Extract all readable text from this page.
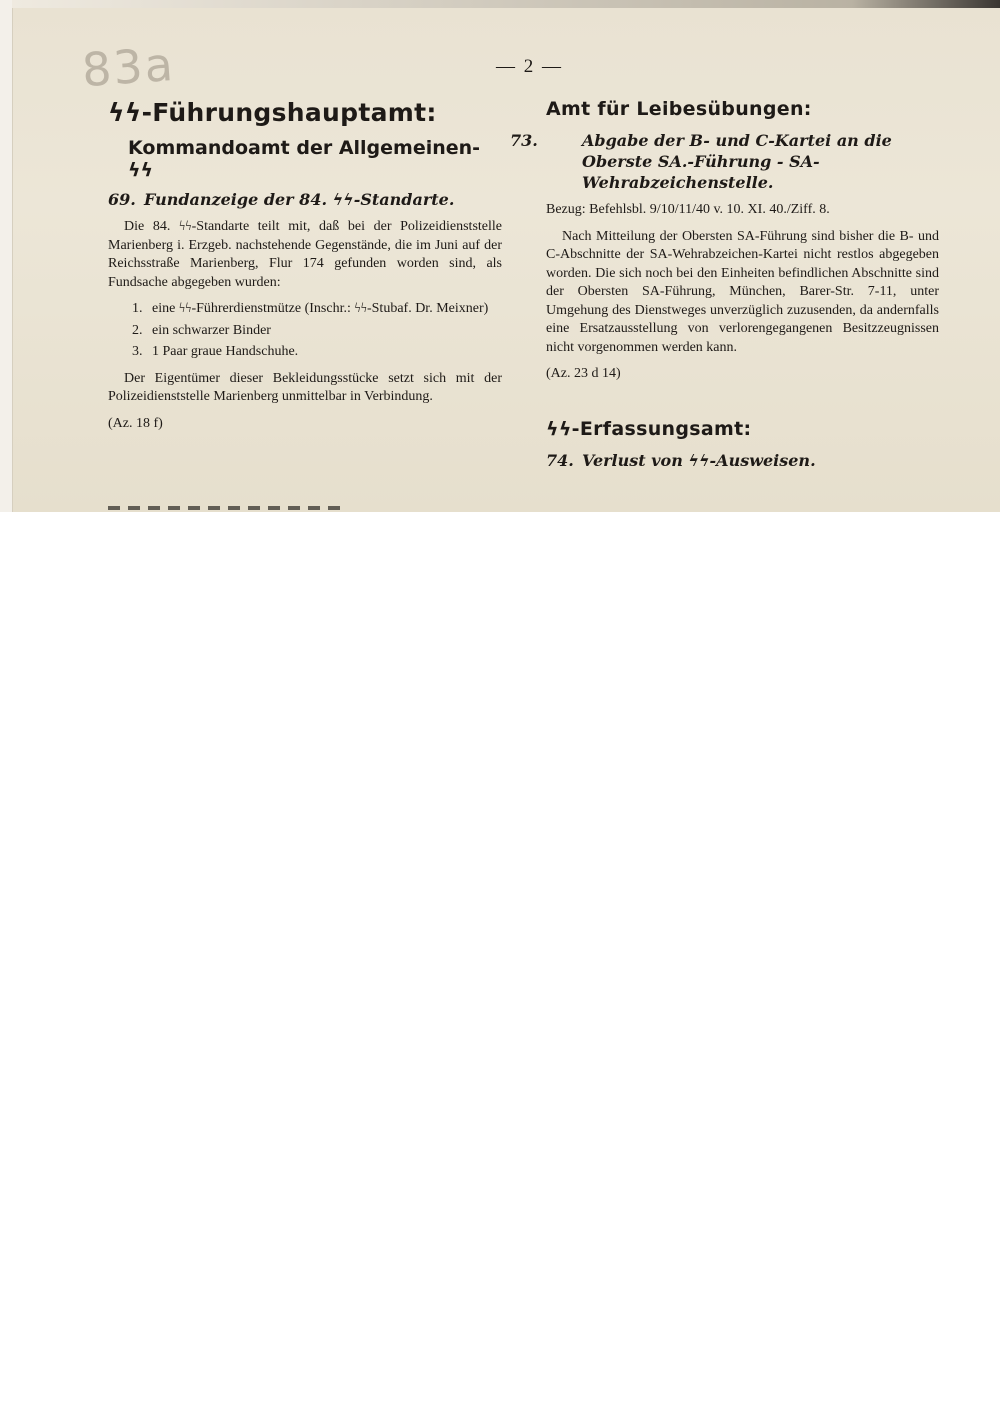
83a	— 2 —
ϟϟ-Führungshauptamt:
Kommandoamt der Allgemeinen-ϟϟ
69. Fundanzeige der 84. ϟϟ-Standarte.

Die 84. ϟϟ-Standarte teilt mit, daß bei der Polizeidienststelle Marienberg i. Erzgeb. nachstehende Gegenstände, die im Juni auf der Reichsstraße Marienberg, Flur 174 gefunden worden sind, als Fundsache abgegeben wurden:

1. eine ϟϟ-Führerdienstmütze (Inschr.: ϟϟ-Stubaf. Dr. Meixner)
2. ein schwarzer Binder
3. 1 Paar graue Handschuhe.

Der Eigentümer dieser Bekleidungsstücke setzt sich mit der Polizeidienststelle Marienberg unmittelbar in Verbindung.

(Az. 18 f)

Amt für Leibesübungen:
73.	Abgabe der B- und C-Kartei an die Oberste SA.-Führung - SA-Wehrabzeichenstelle.

Bezug: Befehlsbl. 9/10/11/40 v. 10. XI. 40./Ziff. 8.

Nach Mitteilung der Obersten SA-Führung sind bisher die B- und C-Abschnitte der SA-Wehrabzeichen-Kartei nicht restlos abgegeben worden. Die sich noch bei den Einheiten befindlichen Abschnitte sind der Obersten SA-Führung, München, Barer-Str. 7-11, unter Umgehung des Dienstweges unverzüglich zuzusenden, da andernfalls eine Ersatzausstellung von verlorengegangenen Besitzzeugnissen nicht vorgenommen werden kann.

(Az. 23 d 14)

ϟϟ-Erfassungsamt:
74. Verlust von ϟϟ-Ausweisen.
